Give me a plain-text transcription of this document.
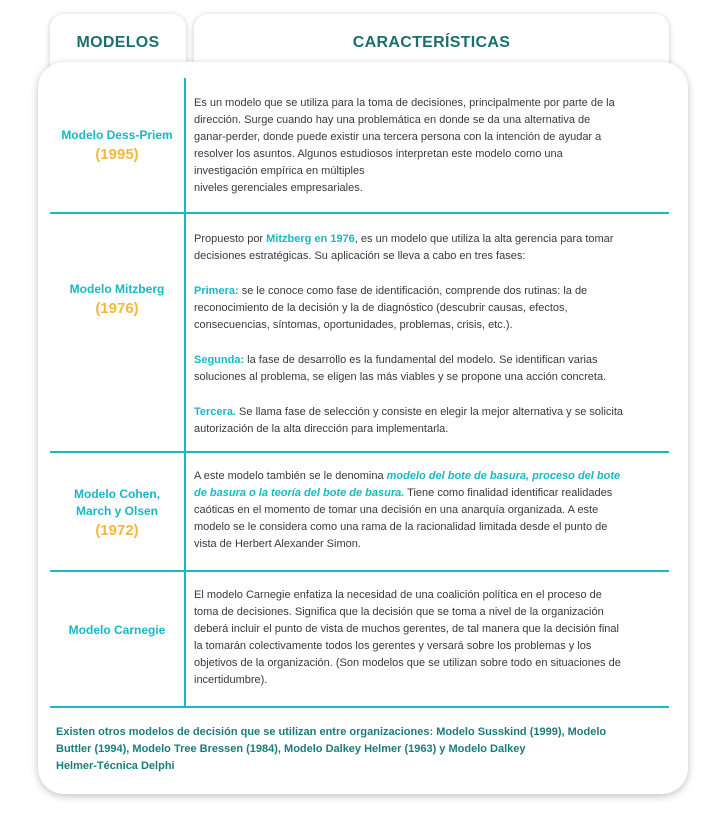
MODELOS	CARACTERÍSTICAS
Modelo Dess-Priem
(1995)
Es un modelo que se utiliza para la toma de decisiones, principalmente por parte de la
dirección. Surge cuando hay una problemática en donde se da una alternativa de
ganar-perder, donde puede existir una tercera persona con la intención de ayudar a
resolver los asuntos. Algunos estudiosos interpretan este modelo como una
investigación empírica en múltiples
niveles gerenciales empresariales.
Modelo Mitzberg
(1976)

Propuesto por Mitzberg en 1976, es un modelo que utiliza la alta gerencia para tomar
decisiones estratégicas. Su aplicación se lleva a cabo en tres fases:

Primera: se le conoce como fase de identificación, comprende dos rutinas: la de
reconocimiento de la decisión y la de diagnóstico (descubrir causas, efectos,
consecuencias, síntomas, oportunidades, problemas, crisis, etc.).

Segunda: la fase de desarrollo es la fundamental del modelo. Se identifican varias
soluciones al problema, se eligen las más viables y se propone una acción concreta.

Tercera. Se llama fase de selección y consiste en elegir la mejor alternativa y se solicita
autorización de la alta dirección para implementarla.

Modelo Cohen,
March y Olsen
(1972)
A este modelo también se le denomina modelo del bote de basura, proceso del bote
de basura o la teoría del bote de basura. Tiene como finalidad identificar realidades
caóticas en el momento de tomar una decisión en una anarquía organizada. A este
modelo se le considera como una rama de la racionalidad limitada desde el punto de
vista de Herbert Alexander Simon.
Modelo Carnegie
El modelo Carnegie enfatiza la necesidad de una coalición política en el proceso de
toma de decisiones. Significa que la decisión que se toma a nivel de la organización
deberá incluir el punto de vista de muchos gerentes, de tal manera que la decisión final
la tomarán colectivamente todos los gerentes y versará sobre los problemas y los
objetivos de la organización. (Son modelos que se utilizan sobre todo en situaciones de
incertidumbre).
Existen otros modelos de decisión que se utilizan entre organizaciones: Modelo Susskind (1999), Modelo
Buttler (1994), Modelo Tree Bressen (1984), Modelo Dalkey Helmer (1963) y Modelo Dalkey
Helmer-Técnica Delphi
